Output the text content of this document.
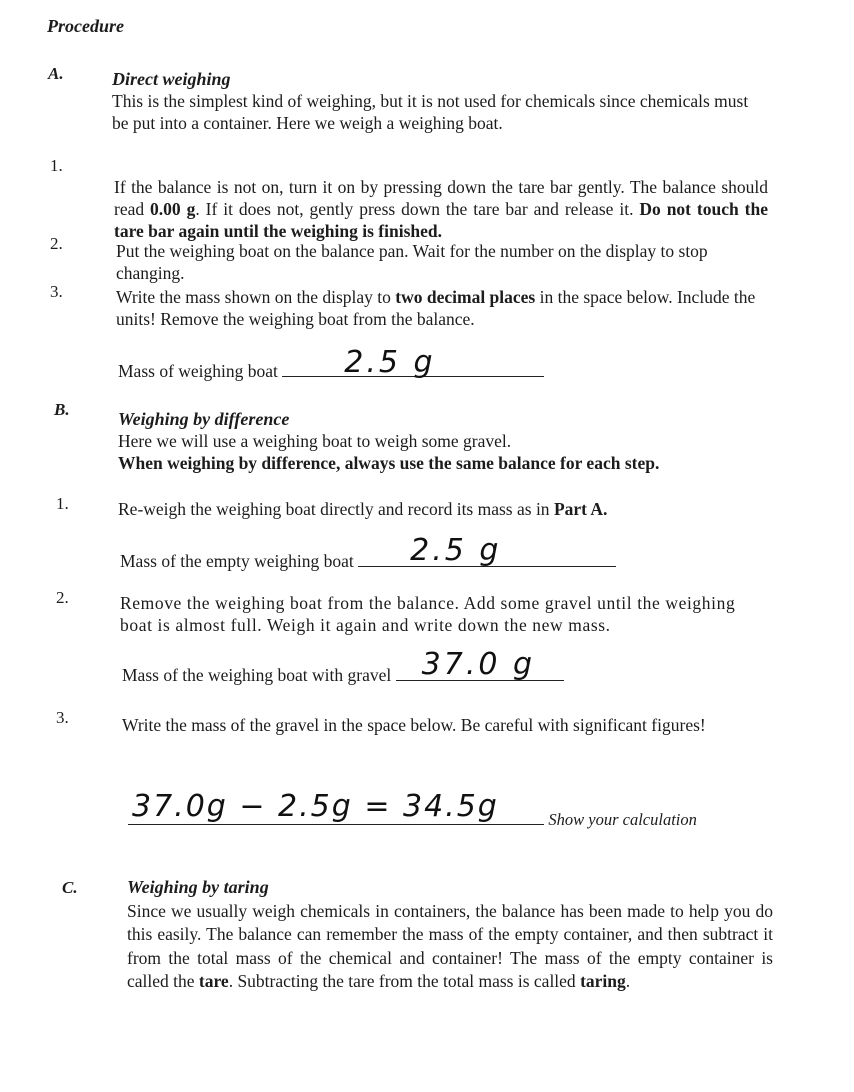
Procedure
A.	Direct weighing
This is the simplest kind of weighing, but it is not used for chemicals since chemicals must be put into a container. Here we weigh a weighing boat.
1.
If the balance is not on, turn it on by pressing down the tare bar gently. The balance should read 0.00 g. If it does not, gently press down the tare bar and release it. Do not touch the tare bar again until the weighing is finished.
2.	Put the weighing boat on the balance pan. Wait for the number on the display to stop changing.
3.	Write the mass shown on the display to two decimal places in the space below. Include the units! Remove the weighing boat from the balance.
Mass of weighing boat 2.5 g
B.	Weighing by difference
Here we will use a weighing boat to weigh some gravel.
When weighing by difference, always use the same balance for each step.
1.	Re-weigh the weighing boat directly and record its mass as in Part A.
Mass of the empty weighing boat 2.5 g
2.	Remove the weighing boat from the balance. Add some gravel until the weighing boat is almost full. Weigh it again and write down the new mass.
Mass of the weighing boat with gravel 37.0 g
3.	Write the mass of the gravel in the space below. Be careful with significant figures!
37.0g − 2.5g = 34.5g	Show your calculation
C.	Weighing by taring
Since we usually weigh chemicals in containers, the balance has been made to help you do this easily. The balance can remember the mass of the empty container, and then subtract it from the total mass of the chemical and container! The mass of the empty container is called the tare. Subtracting the tare from the total mass is called taring.
